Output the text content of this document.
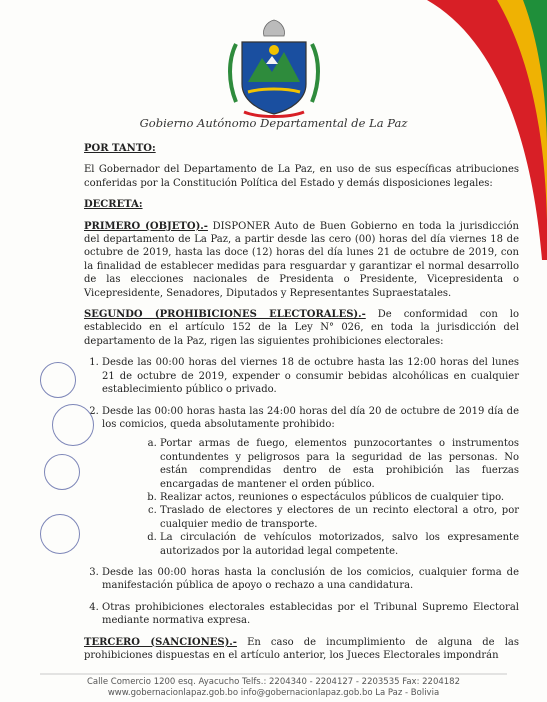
Gobierno Autónomo Departamental de La Paz

POR TANTO:

El Gobernador del Departamento de La Paz, en uso de sus específicas atribuciones conferidas por la Constitución Política del Estado y demás disposiciones legales:

DECRETA:

PRIMERO (OBJETO).- DISPONER Auto de Buen Gobierno en toda la jurisdicción del departamento de La Paz, a partir desde las cero (00) horas del día viernes 18 de octubre de 2019, hasta las doce (12) horas del día lunes 21 de octubre de 2019, con la finalidad de establecer medidas para resguardar y garantizar el normal desarrollo de las elecciones nacionales de Presidenta o Presidente, Vicepresidenta o Vicepresidente, Senadores, Diputados y Representantes Supraestatales.

SEGUNDO (PROHIBICIONES ELECTORALES).- De conformidad con lo establecido en el artículo 152 de la Ley N° 026, en toda la jurisdicción del departamento de la Paz, rigen las siguientes prohibiciones electorales:

1. Desde las 00:00 horas del viernes 18 de octubre hasta las 12:00 horas del lunes 21 de octubre de 2019, expender o consumir bebidas alcohólicas en cualquier establecimiento público o privado.
2. Desde las 00:00 horas hasta las 24:00 horas del día 20 de octubre de 2019 día de los comicios, queda absolutamente prohibido:
a. Portar armas de fuego, elementos punzocortantes o instrumentos contundentes y peligrosos para la seguridad de las personas. No están comprendidas dentro de esta prohibición las fuerzas encargadas de mantener el orden público.
b. Realizar actos, reuniones o espectáculos públicos de cualquier tipo.
c. Traslado de electores y electores de un recinto electoral a otro, por cualquier medio de transporte.
d. La circulación de vehículos motorizados, salvo los expresamente autorizados por la autoridad legal competente.
3. Desde las 00:00 horas hasta la conclusión de los comicios, cualquier forma de manifestación pública de apoyo o rechazo a una candidatura.
4. Otras prohibiciones electorales establecidas por el Tribunal Supremo Electoral mediante normativa expresa.

TERCERO (SANCIONES).- En caso de incumplimiento de alguna de las prohibiciones dispuestas en el artículo anterior, los Jueces Electorales impondrán

Calle Comercio 1200 esq. Ayacucho Telfs.: 2204340 - 2204127 - 2203535 Fax: 2204182
www.gobernacionlapaz.gob.bo info@gobernacionlapaz.gob.bo La Paz - Bolivia
